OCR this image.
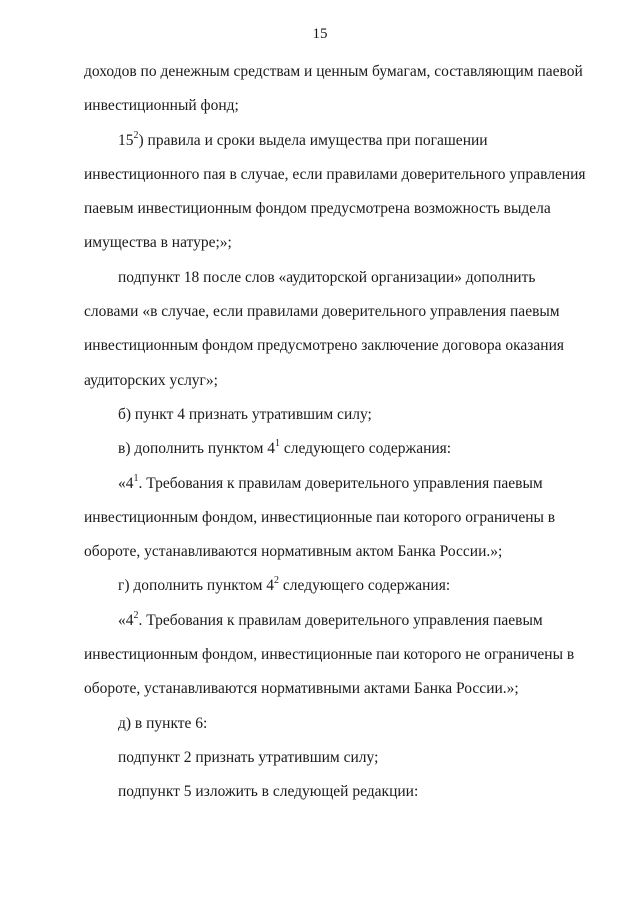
15
доходов по денежным средствам и ценным бумагам, составляющим паевой
инвестиционный фонд;
$15^2$) правила и сроки выдела имущества при погашении
инвестиционного пая в случае, если правилами доверительного управления
паевым инвестиционным фондом предусмотрена возможность выдела
имущества в натуре;»;
подпункт 18 после слов «аудиторской организации» дополнить
словами «в случае, если правилами доверительного управления паевым
инвестиционным фондом предусмотрено заключение договора оказания
аудиторских услуг»;
б) пункт 4 признать утратившим силу;
в) дополнить пунктом $4^1$ следующего содержания:
«$4^1$. Требования к правилам доверительного управления паевым
инвестиционным фондом, инвестиционные паи которого ограничены в
обороте, устанавливаются нормативным актом Банка России.»;
г) дополнить пунктом $4^2$ следующего содержания:
«$4^2$. Требования к правилам доверительного управления паевым
инвестиционным фондом, инвестиционные паи которого не ограничены в
обороте, устанавливаются нормативными актами Банка России.»;
д) в пункте 6:
подпункт 2 признать утратившим силу;
подпункт 5 изложить в следующей редакции:
